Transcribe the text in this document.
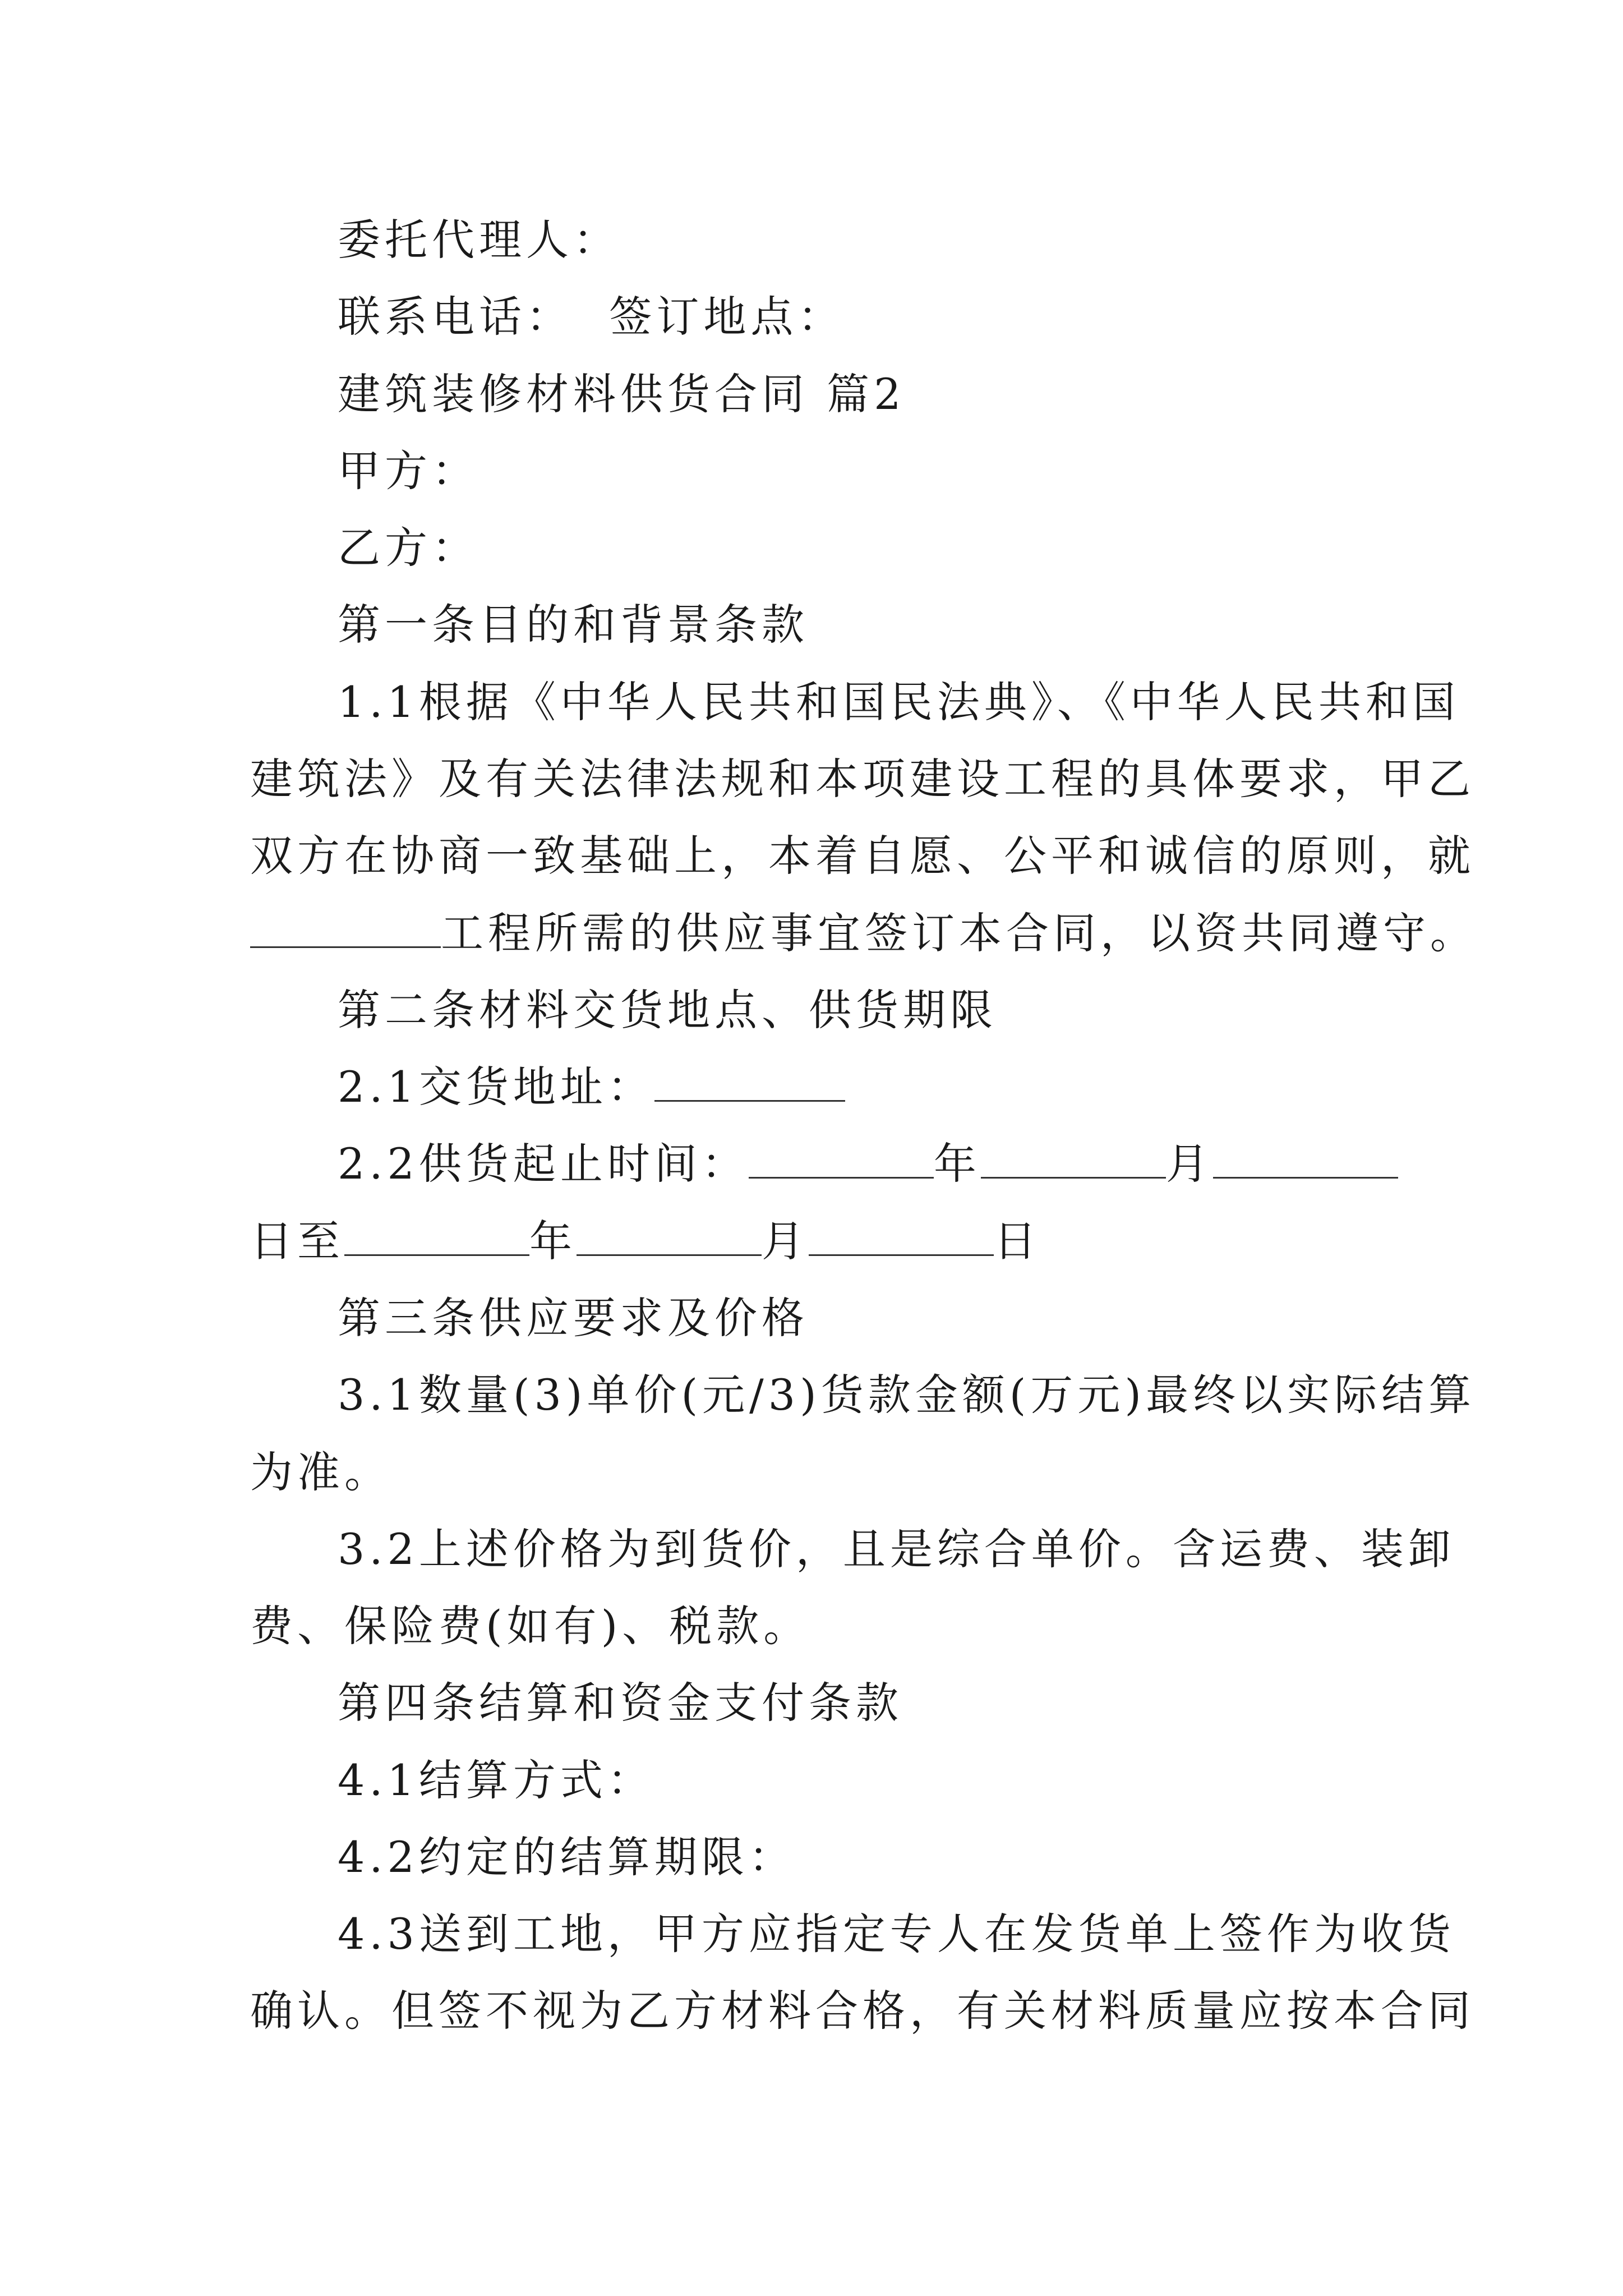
委托代理人：

联系电话：  签订地点：

建筑装修材料供货合同 篇2

甲方：

乙方：

第一条目的和背景条款

1.1根据《中华人民共和国民法典》、《中华人民共和国

建筑法》及有关法律法规和本项建设工程的具体要求，甲乙

双方在协商一致基础上，本着自愿、公平和诚信的原则，就

工程所需的供应事宜签订本合同，以资共同遵守。

第二条材料交货地点、供货期限

2.1交货地址：

2.2供货起止时间：	年	月

日至	年	月	日

第三条供应要求及价格

3.1数量(3)单价(元/3)货款金额(万元)最终以实际结算

为准。

3.2上述价格为到货价，且是综合单价。含运费、装卸

费、保险费(如有)、税款。

第四条结算和资金支付条款

4.1结算方式：

4.2约定的结算期限：

4.3送到工地，甲方应指定专人在发货单上签作为收货

确认。但签不视为乙方材料合格，有关材料质量应按本合同
